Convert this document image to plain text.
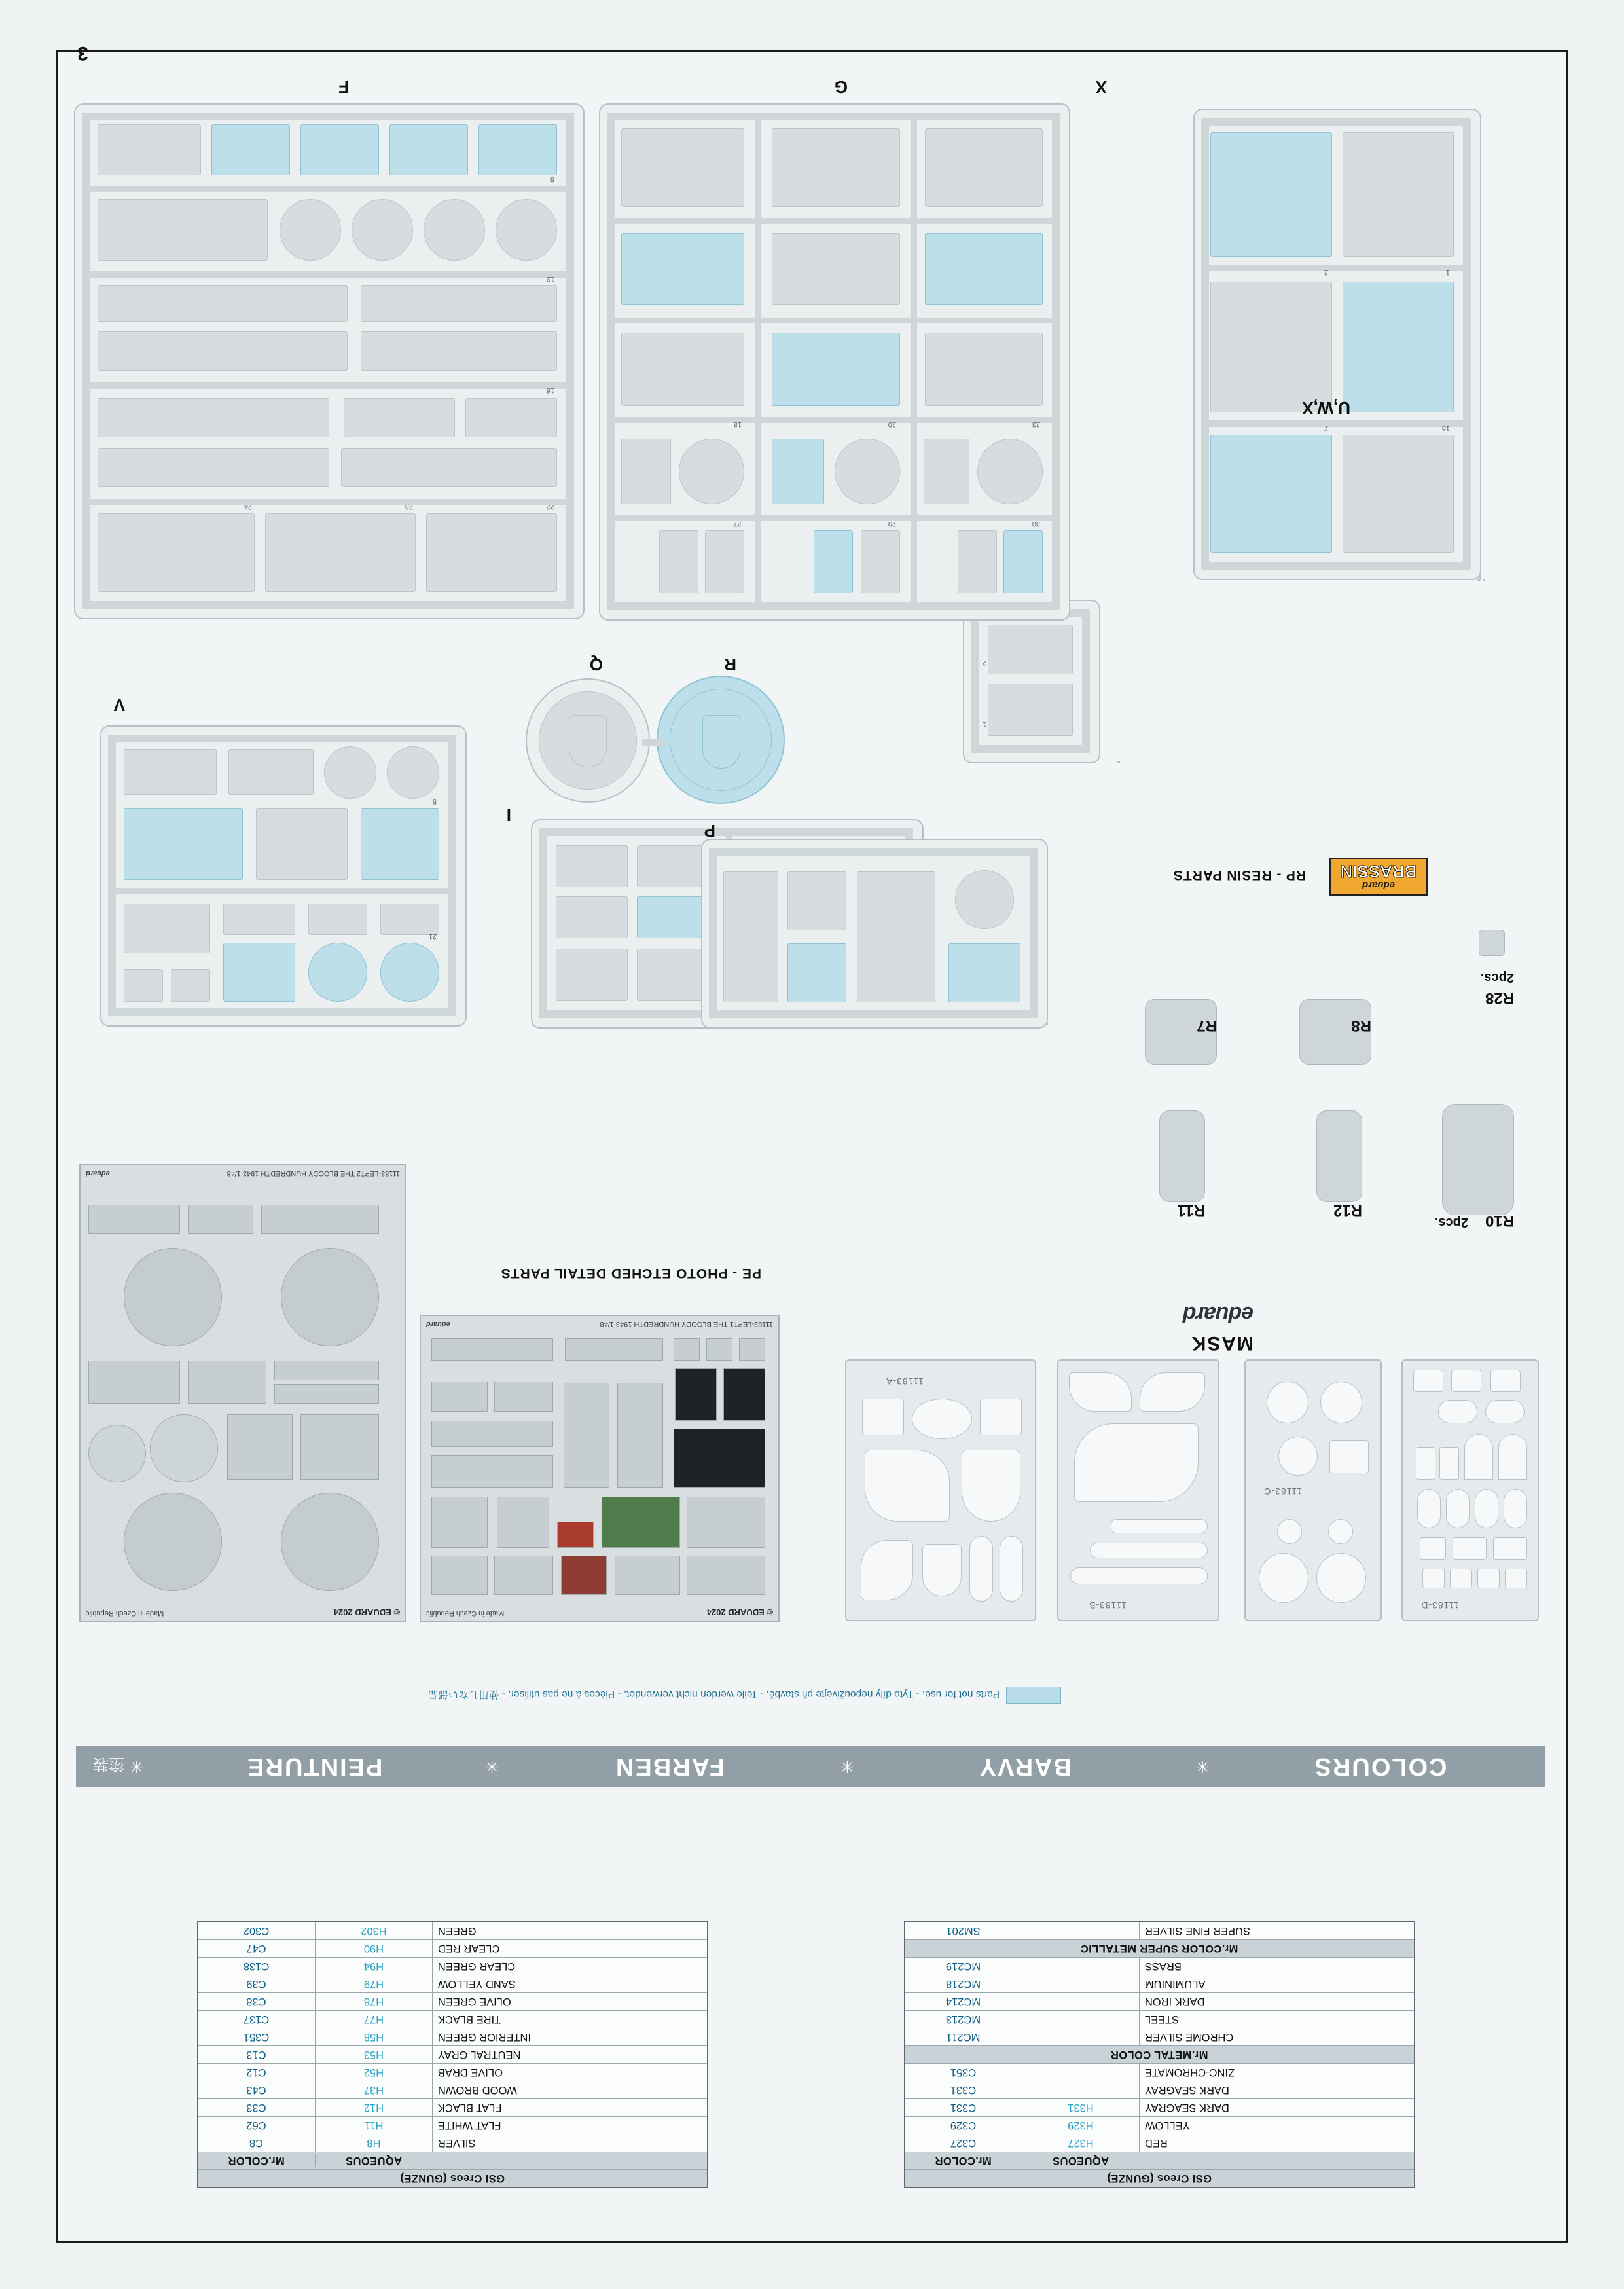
3
GSI Creos (GUNZE)
AQUEOUS
Mr.COLOR
RED
H327
C327
YELLOW
H329
C329
DARK SEAGRAY
H331
C331
DARK SEAGRAY
C331
ZINC-CHROMATE
C351
Mr.METAL COLOR
CHROME SILVER
MC211
STEEL
MC213
DARK IRON
MC214
ALUMINIUM
MC218
BRASS
MC219
Mr.COLOR SUPER METALLIC
SUPER FINE SILVER
SM201
GSI Creos (GUNZE)
AQUEOUS
Mr.COLOR
SILVER
H8
C8
FLAT WHITE
H11
C62
FLAT BLACK
H12
C33
WOOD BROWN
H37
C43
OLIVE DRAB
H52
C12
NEUTRAL GRAY
H53
C13
INTERIOR GREEN
H58
C351
TIRE BLACK
H77
C137
OLIVE GREEN
H78
C38
SAND YELLOW
H79
C39
CLEAR GREEN
H94
C138
CLEAR RED
H90
C47
GREEN
H302
C302
COLOURS
✳
BARVY
✳
FARBEN
✳
PEINTURE
✳
塗装
Parts not for use. - Tyto díly nepouživejte při stavbě. - Teile werden nicht verwendet. - Pièces à ne pas utiliser. - 使用しない部品
11183-D
11183-C
11183-B
11183-A
eduard
MASK
© EDUARD 2024
Made in Czech Republic
11183-LEPT1 THE BLOODY HUNDREDTH 1943 1/48
eduard
© EDUARD 2024
Made in Czech Republic
11183-LEPT2 THE BLOODY HUNDREDTH 1943 1/48
eduard
PE - PHOTO ETCHED DETAIL PARTS
R10
2pcs.
R12
R11
R28
2pcs.
R8
R7
eduard
BRASSIN
RP - RESIN PARTS
I
21
5
V
P
Q	R
1
2
15
7
1
2
U,W,X
30
29
27
23
20
18
G
22
23
24
16
12
8
F	X
